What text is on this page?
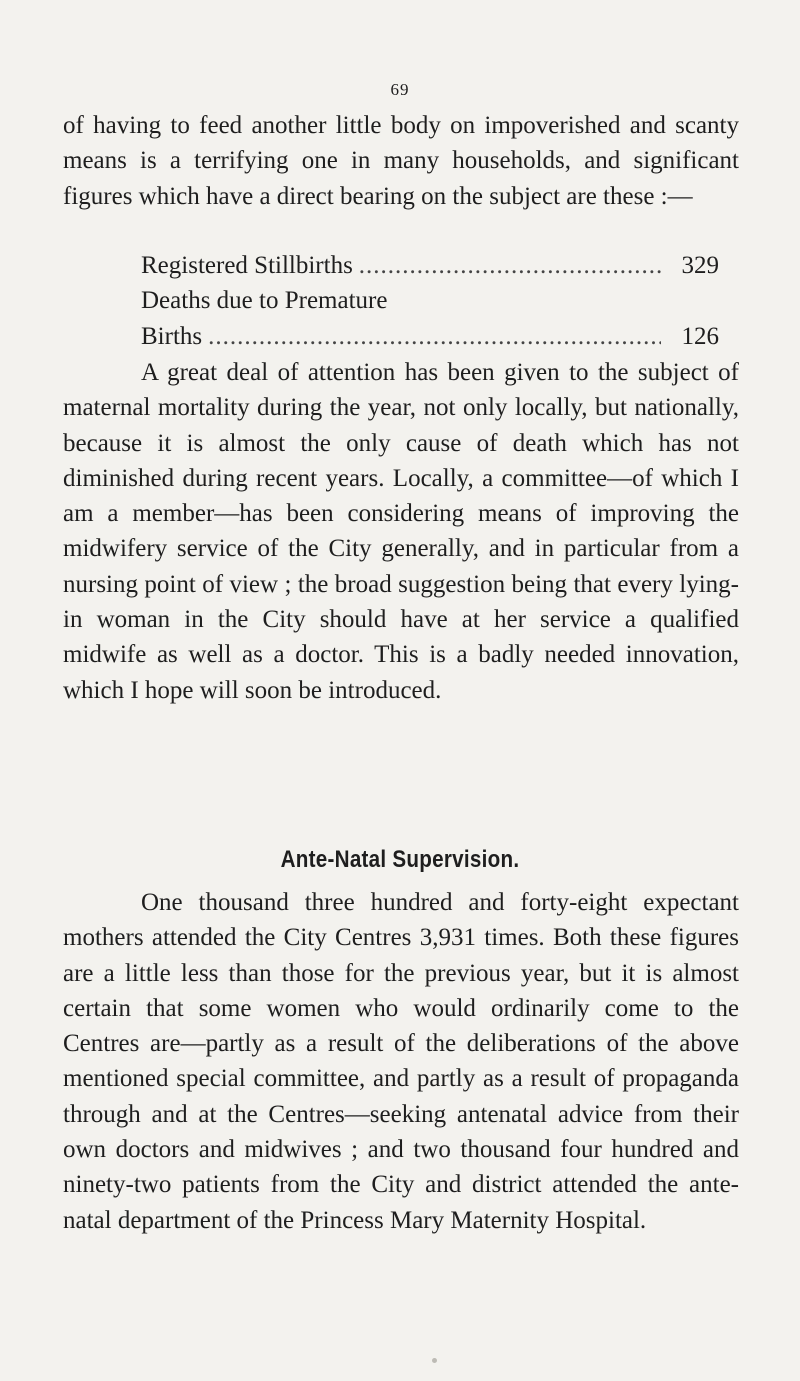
69
of having to feed another little body on impoverished and scanty means is a terrifying one in many households, and significant figures which have a direct bearing on the subject are these :—
Registered Stillbirths .....	329
Deaths due to Premature
Births .....	126
A great deal of attention has been given to the subject of maternal mortality during the year, not only locally, but nationally, because it is almost the only cause of death which has not diminished during recent years. Locally, a committee—of which I am a member—has been considering means of improving the midwifery service of the City generally, and in particular from a nursing point of view ; the broad suggestion being that every lying-in woman in the City should have at her service a qualified midwife as well as a doctor. This is a badly needed innovation, which I hope will soon be introduced.
Ante-Natal Supervision.
One thousand three hundred and forty-eight expectant mothers attended the City Centres 3,931 times. Both these figures are a little less than those for the previous year, but it is almost certain that some women who would ordinarily come to the Centres are—partly as a result of the deliberations of the above mentioned special committee, and partly as a result of propaganda through and at the Centres—seeking antenatal advice from their own doctors and midwives ; and two thousand four hundred and ninety-two patients from the City and district attended the ante-natal department of the Princess Mary Maternity Hospital.
